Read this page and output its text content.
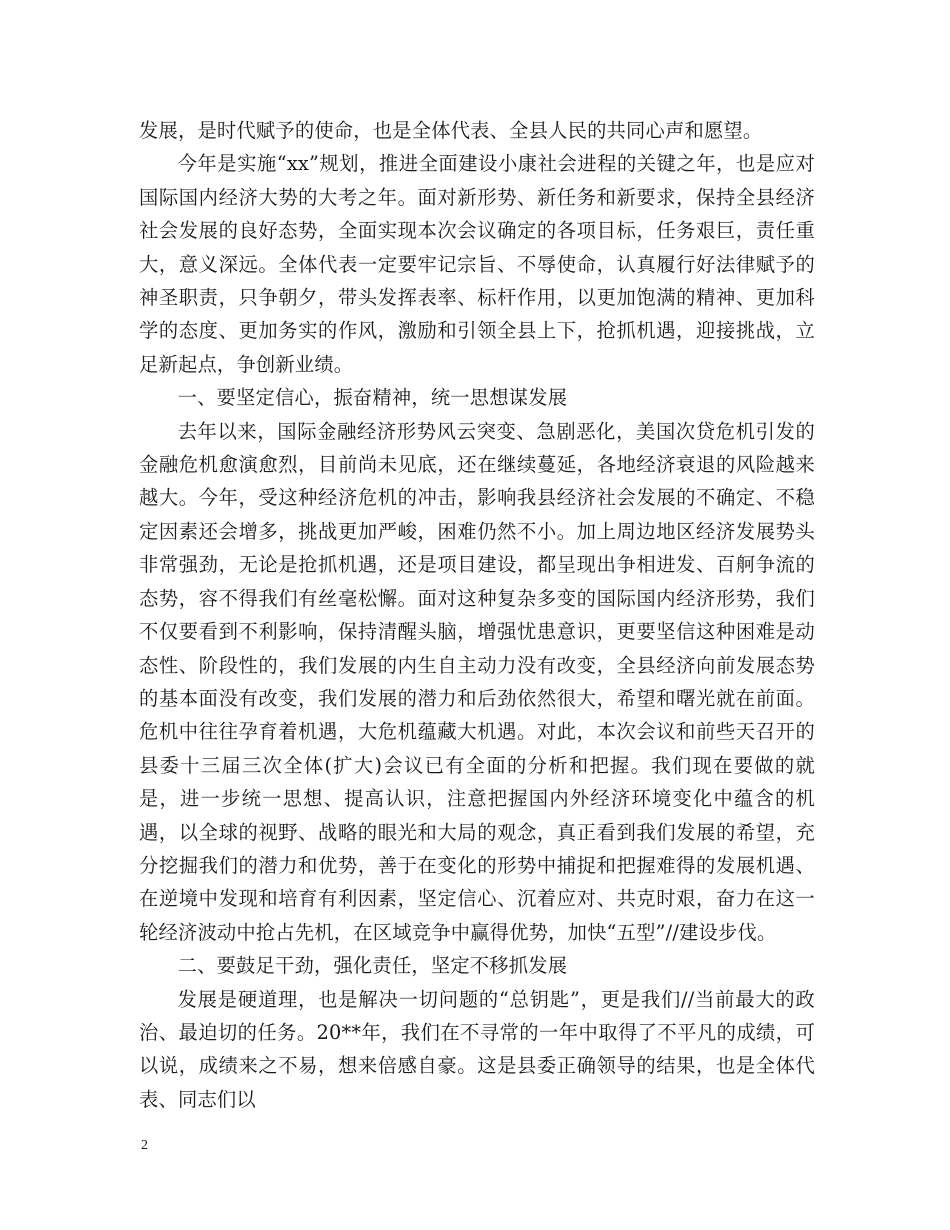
发展，是时代赋予的使命，也是全体代表、全县人民的共同心声和愿望。

今年是实施“xx”规划，推进全面建设小康社会进程的关键之年，也是应对国际国内经济大势的大考之年。面对新形势、新任务和新要求，保持全县经济社会发展的良好态势，全面实现本次会议确定的各项目标，任务艰巨，责任重大，意义深远。全体代表一定要牢记宗旨、不辱使命，认真履行好法律赋予的神圣职责，只争朝夕，带头发挥表率、标杆作用，以更加饱满的精神、更加科学的态度、更加务实的作风，激励和引领全县上下，抢抓机遇，迎接挑战，立足新起点，争创新业绩。

一、要坚定信心，振奋精神，统一思想谋发展

去年以来，国际金融经济形势风云突变、急剧恶化，美国次贷危机引发的金融危机愈演愈烈，目前尚未见底，还在继续蔓延，各地经济衰退的风险越来越大。今年，受这种经济危机的冲击，影响我县经济社会发展的不确定、不稳定因素还会增多，挑战更加严峻，困难仍然不小。加上周边地区经济发展势头非常强劲，无论是抢抓机遇，还是项目建设，都呈现出争相进发、百舸争流的态势，容不得我们有丝毫松懈。面对这种复杂多变的国际国内经济形势，我们不仅要看到不利影响，保持清醒头脑，增强忧患意识，更要坚信这种困难是动态性、阶段性的，我们发展的内生自主动力没有改变，全县经济向前发展态势的基本面没有改变，我们发展的潜力和后劲依然很大，希望和曙光就在前面。危机中往往孕育着机遇，大危机蕴藏大机遇。对此，本次会议和前些天召开的县委十三届三次全体(扩大)会议已有全面的分析和把握。我们现在要做的就是，进一步统一思想、提高认识，注意把握国内外经济环境变化中蕴含的机遇，以全球的视野、战略的眼光和大局的观念，真正看到我们发展的希望，充分挖掘我们的潜力和优势，善于在变化的形势中捕捉和把握难得的发展机遇、在逆境中发现和培育有利因素，坚定信心、沉着应对、共克时艰，奋力在这一轮经济波动中抢占先机，在区域竞争中赢得优势，加快“五型”//建设步伐。

二、要鼓足干劲，强化责任，坚定不移抓发展

发展是硬道理，也是解决一切问题的“总钥匙”，更是我们//当前最大的政治、最迫切的任务。20**年，我们在不寻常的一年中取得了不平凡的成绩，可以说，成绩来之不易，想来倍感自豪。这是县委正确领导的结果，也是全体代表、同志们以

2
